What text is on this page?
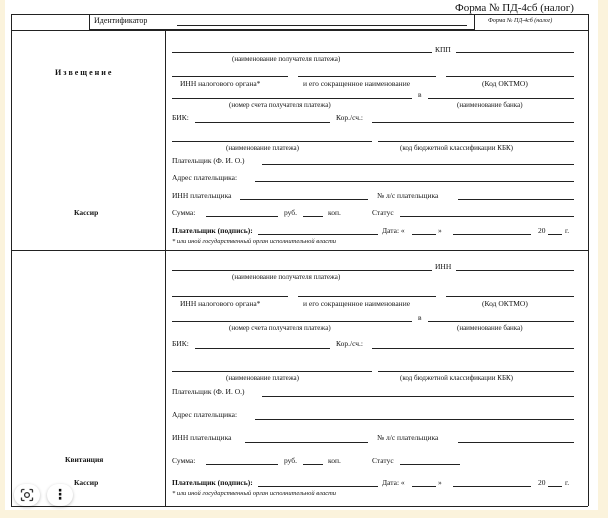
Форма № ПД-4сб (налог)
Идентификатор	Форма № ПД-4сб (налог)
Извещение
Кассир
Квитанция
Кассир
КПП
(наименование получателя платежа)
ИНН налогового органа*	и его сокращенное наименование	(Код ОКТМО)
в
(номер счета получателя платежа)	(наименование банка)
БИК:	Кор./сч.:
(наименование платежа)	(код бюджетной классификации КБК)
Плательщик (Ф. И. О.)
Адрес плательщика:
ИНН плательщика	№ л/с плательщика
Сумма:	руб.	коп.	Статус
Плательщик (подпись):	Дата: «	»	20	г.
* или иной государственный орган исполнительной власти
ИНН
(наименование получателя платежа)
ИНН налогового органа*	и его сокращенное наименование	(Код ОКТМО)
в
(номер счета получателя платежа)	(наименование банка)
БИК:	Кор./сч.:
(наименование платежа)	(код бюджетной классификации КБК)
Плательщик (Ф. И. О.)
Адрес плательщика:
ИНН плательщика	№ л/с плательщика
Сумма:	руб.	коп.	Статус
Плательщик (подпись):	Дата: «	»	20	г.
* или иной государственный орган исполнительной власти
⋮
